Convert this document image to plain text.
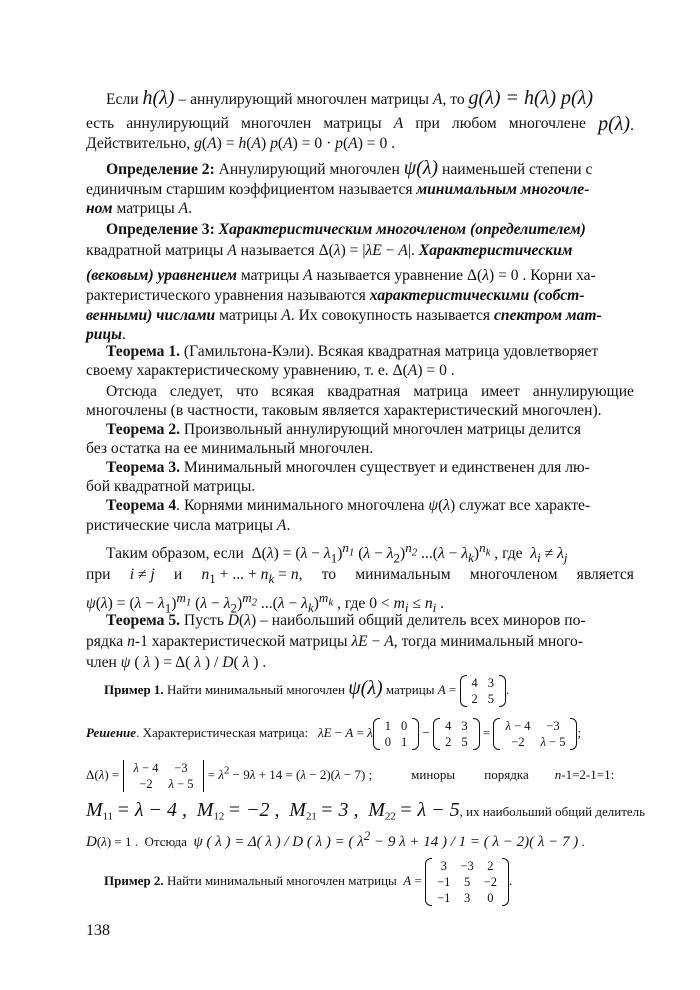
Если h(λ) – аннулирующий многочлен матрицы A, то g(λ) = h(λ) p(λ)
есть аннулирующий многочлен матрицы A при любом многочлене p(λ).
Действительно, g(A) = h(A) p(A) = 0 · p(A) = 0 .
Определение 2: Аннулирующий многочлен ψ(λ) наименьшей степени с
единичным старшим коэффициентом называется минимальным многочле-
ном матрицы A.
Определение 3: Характеристическим многочленом (определителем)
квадратной матрицы A называется Δ(λ) = |λE − A|. Характеристическим
(вековым) уравнением матрицы A называется уравнение Δ(λ) = 0 . Корни ха-
рактеристического уравнения называются характеристическими (собст-
венными) числами матрицы A. Их совокупность называется спектром мат-
рицы.
Теорема 1. (Гамильтона-Кэли). Всякая квадратная матрица удовлетворяет
своему характеристическому уравнению, т. е. Δ(A) = 0 .
Отсюда следует, что всякая квадратная матрица имеет аннулирующие
многочлены (в частности, таковым является характеристический многочлен).
Теорема 2. Произвольный аннулирующий многочлен матрицы делится
без остатка на ее минимальный многочлен.
Теорема 3. Минимальный многочлен существует и единственен для лю-
бой квадратной матрицы.
Теорема 4. Корнями минимального многочлена ψ(λ) служат все характе-
ристические числа матрицы A.
Таким образом, если  $\Delta(\lambda) = (\lambda - \lambda_1)^{n_1}$ $(\lambda - \lambda_2)^{n_2}$ $...(\lambda - \lambda_k)^{n_k}$ , где  $\lambda_i \ne \lambda_j$
при i ≠ j и $n_1$ + ... + $n_k = n$, то минимальным многочленом является
$\psi(\lambda) = (\lambda - \lambda_1)^{m_1}$ $(\lambda - \lambda_2)^{m_2}$ $...(\lambda - \lambda_k)^{m_k}$ , где $0 < m_i \le n_i$ .
Теорема 5. Пусть D(λ) – наибольший общий делитель всех миноров по-
рядка n-1 характеристической матрицы λE − A, тогда минимальный много-
член ψ ( λ ) = Δ( λ ) / D( λ ) .
Пример 1. Найти минимальный многочлен ψ(λ) матрицы A = 4	3
2	5
.
Решение. Характеристическая матрица:   λE − A = λ 1	0
0	1
− 4	3
2	5
= λ − 4	−3
−2	λ − 5
;
Δ(λ) = λ − 4	−3
−2	λ − 5
= $\lambda^2 - 9\lambda + 14 = (\lambda - 2)(\lambda - 7)$ ;            миноры         порядка        n-1=2-1=1:
$M_{11} = \lambda - 4$ , $M_{12} = -2$ , $M_{21} = 3$ , $M_{22} = \lambda - 5$, их наибольший общий делитель
D(λ) = 1 .  Отсюда  ψ ( λ ) = Δ( λ ) / D ( λ ) = ( $\lambda^2 - 9$ λ + 14 ) / 1 = ( λ − 2)( λ − 7 ) .
Пример 2. Найти минимальный многочлен матрицы  A =
3	−3	2
−1	5	−2
−1	3	0
.
138
